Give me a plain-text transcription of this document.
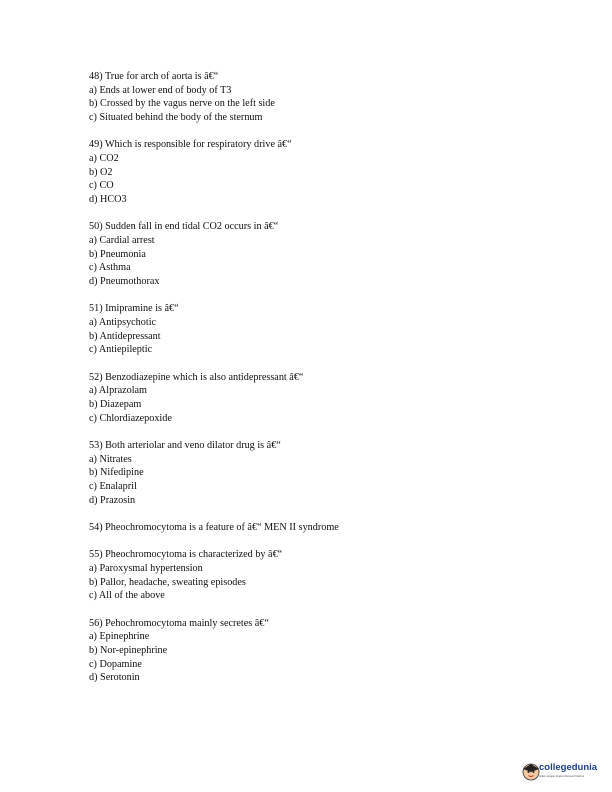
48) True for arch of aorta is â€“
a) Ends at lower end of body of T3
b) Crossed by the vagus nerve on the left side
c) Situated behind the body of the sternum
49) Which is responsible for respiratory drive â€“
a) CO2
b) O2
c) CO
d) HCO3
50) Sudden fall in end tidal CO2 occurs in â€“
a) Cardial arrest
b) Pneumonia
c) Asthma
d) Pneumothorax
51) Imipramine is â€“
a) Antipsychotic
b) Antidepressant
c) Antiepileptic
52) Benzodiazepine which is also antidepressant â€“
a) Alprazolam
b) Diazepam
c) Chlordiazepoxide
53) Both arteriolar and veno dilator drug is â€“
a) Nitrates
b) Nifedipine
c) Enalapril
d) Prazosin
54) Pheochromocytoma is a feature of â€“ MEN II syndrome
55) Pheochromocytoma is characterized by â€“
a) Paroxysmal hypertension
b) Pallor, headache, sweating episodes
c) All of the above
56) Pehochromocytoma mainly secretes â€“
a) Epinephrine
b) Nor-epinephrine
c) Dopamine
d) Serotonin
collegedunia
India's largest Student Review Platform
